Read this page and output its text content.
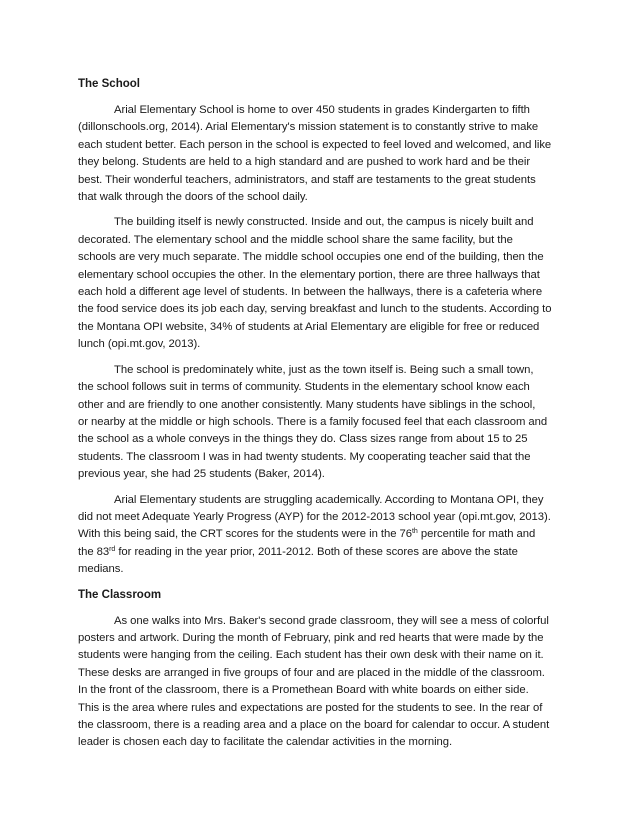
The School
Arial Elementary School is home to over 450 students in grades Kindergarten to fifth
(dillonschools.org, 2014). Arial Elementary's mission statement is to constantly strive to make
each student better. Each person in the school is expected to feel loved and welcomed, and like
they belong. Students are held to a high standard and are pushed to work hard and be their
best. Their wonderful teachers, administrators, and staff are testaments to the great students
that walk through the doors of the school daily.
The building itself is newly constructed. Inside and out, the campus is nicely built and
decorated. The elementary school and the middle school share the same facility, but the
schools are very much separate. The middle school occupies one end of the building, then the
elementary school occupies the other. In the elementary portion, there are three hallways that
each hold a different age level of students. In between the hallways, there is a cafeteria where
the food service does its job each day, serving breakfast and lunch to the students. According to
the Montana OPI website, 34% of students at Arial Elementary are eligible for free or reduced
lunch (opi.mt.gov, 2013).
The school is predominately white, just as the town itself is. Being such a small town,
the school follows suit in terms of community. Students in the elementary school know each
other and are friendly to one another consistently. Many students have siblings in the school,
or nearby at the middle or high schools. There is a family focused feel that each classroom and
the school as a whole conveys in the things they do. Class sizes range from about 15 to 25
students. The classroom I was in had twenty students. My cooperating teacher said that the
previous year, she had 25 students (Baker, 2014).
Arial Elementary students are struggling academically. According to Montana OPI, they
did not meet Adequate Yearly Progress (AYP) for the 2012-2013 school year (opi.mt.gov, 2013).
With this being said, the CRT scores for the students were in the 76th percentile for math and
the 83rd for reading in the year prior, 2011-2012. Both of these scores are above the state
medians.
The Classroom
As one walks into Mrs. Baker's second grade classroom, they will see a mess of colorful
posters and artwork. During the month of February, pink and red hearts that were made by the
students were hanging from the ceiling. Each student has their own desk with their name on it.
These desks are arranged in five groups of four and are placed in the middle of the classroom.
In the front of the classroom, there is a Promethean Board with white boards on either side.
This is the area where rules and expectations are posted for the students to see. In the rear of
the classroom, there is a reading area and a place on the board for calendar to occur. A student
leader is chosen each day to facilitate the calendar activities in the morning.
